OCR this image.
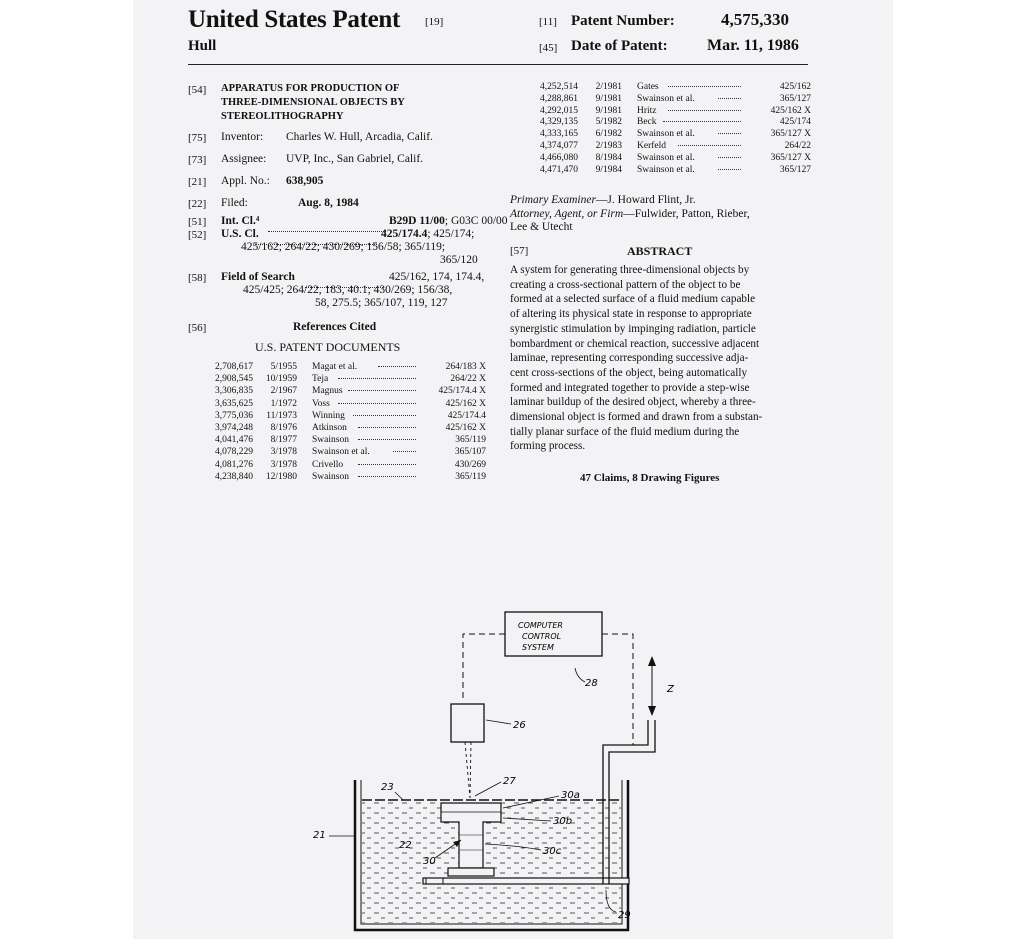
United States Patent [19]
Hull
[11] Patent Number:	4,575,330
[45] Date of Patent: Mar. 11, 1986
[54] APPARATUS FOR PRODUCTION OF
THREE-DIMENSIONAL OBJECTS BY
STEREOLITHOGRAPHY
[75] Inventor: Charles W. Hull, Arcadia, Calif.
[73] Assignee: UVP, Inc., San Gabriel, Calif.
[21] Appl. No.: 638,905
[22] Filed:	Aug. 8, 1984
[51] Int. Cl.⁴	B29D 11/00; G03C 00/00
[52] U.S. Cl.	425/174.4; 425/174;
425/162; 264/22; 430/269; 156/58; 365/119;
365/120
[58] Field of Search	425/162, 174, 174.4,
425/425; 264/22, 183, 40.1; 430/269; 156/38,
58, 275.5; 365/107, 119, 127
[56]	References Cited
U.S. PATENT DOCUMENTS
2,708,617	5/1955 Magat et al.	264/183 X
2,908,545	10/1959 Teja	264/22 X
3,306,835	2/1967 Magnus	425/174.4 X
3,635,625	1/1972 Voss	425/162 X
3,775,036	11/1973 Winning	425/174.4
3,974,248	8/1976 Atkinson	425/162 X
4,041,476	8/1977 Swainson	365/119
4,078,229	3/1978 Swainson et al.	365/107
4,081,276	3/1978 Crivello	430/269
4,238,840	12/1980 Swainson	365/119
4,252,514	2/1981 Gates	425/162
4,288,861	9/1981 Swainson et al.	365/127
4,292,015	9/1981 Hritz	425/162 X
4,329,135	5/1982 Beck	425/174
4,333,165	6/1982 Swainson et al.	365/127 X
4,374,077	2/1983 Kerfeld	264/22
4,466,080	8/1984 Swainson et al.	365/127 X
4,471,470	9/1984 Swainson et al.	365/127
Primary Examiner—J. Howard Flint, Jr.
Attorney, Agent, or Firm—Fulwider, Patton, Rieber,
Lee & Utecht
[57]	ABSTRACT
A system for generating three-dimensional objects by
creating a cross-sectional pattern of the object to be
formed at a selected surface of a fluid medium capable
of altering its physical state in response to appropriate
synergistic stimulation by impinging radiation, particle
bombardment or chemical reaction, successive adjacent
laminae, representing corresponding successive adja-
cent cross-sections of the object, being automatically
formed and integrated together to provide a step-wise
laminar buildup of the desired object, whereby a three-
dimensional object is formed and drawn from a substan-
tially planar surface of the fluid medium during the
forming process.
47 Claims, 8 Drawing Figures
COMPUTER
CONTROL
SYSTEM
28
26
27
21
23
22
30
30a
30b
30c
29
Z
